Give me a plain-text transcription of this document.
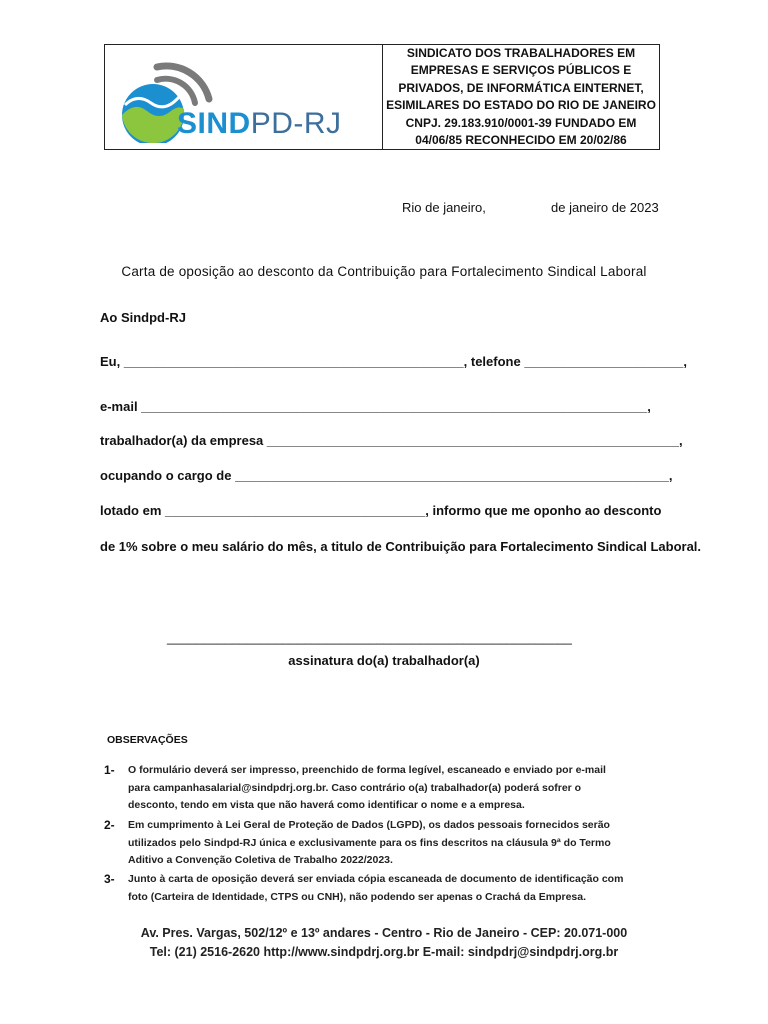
SINDPD-RJ
SINDICATO DOS TRABALHADORES EM
EMPRESAS E SERVIÇOS PÚBLICOS E
PRIVADOS, DE INFORMÁTICA EINTERNET,
ESIMILARES DO ESTADO DO RIO DE JANEIRO
CNPJ. 29.183.910/0001-39 FUNDADO EM
04/06/85 RECONHECIDO EM 20/02/86
Rio de janeiro,	de janeiro de 2023
Carta de oposição ao desconto da Contribuição para Fortalecimento Sindical Laboral
Ao Sindpd-RJ
Eu, _______________________________________________, telefone ______________________,
e-mail ______________________________________________________________________,
trabalhador(a) da empresa _________________________________________________________,
ocupando o cargo de ____________________________________________________________,
lotado em ____________________________________, informo que me oponho ao desconto
de 1% sobre o meu salário do mês, a titulo de Contribuição para Fortalecimento Sindical Laboral.
________________________________________________________
assinatura do(a) trabalhador(a)
OBSERVAÇÕES
1- O formulário deverá ser impresso, preenchido de forma legível, escaneado e enviado por e-mail
para campanhasalarial@sindpdrj.org.br. Caso contrário o(a) trabalhador(a) poderá sofrer o
desconto, tendo em vista que não haverá como identificar o nome e a empresa.
2- Em cumprimento à Lei Geral de Proteção de Dados (LGPD), os dados pessoais fornecidos serão
utilizados pelo Sindpd-RJ única e exclusivamente para os fins descritos na cláusula 9ª do Termo
Aditivo a Convenção Coletiva de Trabalho 2022/2023.
3- Junto à carta de oposição deverá ser enviada cópia escaneada de documento de identificação com
foto (Carteira de Identidade, CTPS ou CNH), não podendo ser apenas o Crachá da Empresa.
Av. Pres. Vargas, 502/12º e 13º andares - Centro - Rio de Janeiro - CEP: 20.071-000
Tel: (21) 2516-2620 http://www.sindpdrj.org.br E-mail: sindpdrj@sindpdrj.org.br
